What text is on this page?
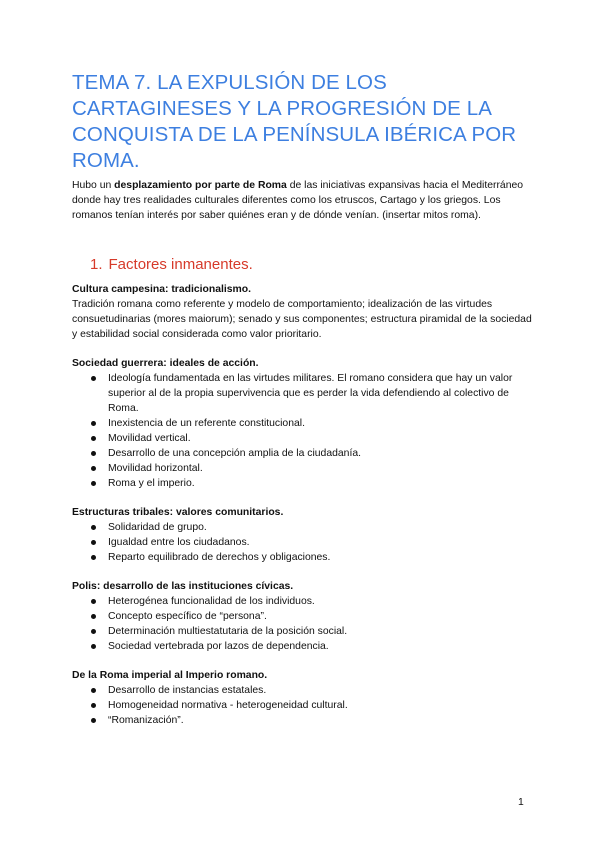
TEMA 7. LA EXPULSIÓN DE LOS CARTAGINESES Y LA PROGRESIÓN DE LA CONQUISTA DE LA PENÍNSULA IBÉRICA POR ROMA.

Hubo un desplazamiento por parte de Roma de las iniciativas expansivas hacia el Mediterráneo donde hay tres realidades culturales diferentes como los etruscos, Cartago y los griegos. Los romanos tenían interés por saber quiénes eran y de dónde venían. (insertar mitos roma).

1. Factores inmanentes.

Cultura campesina: tradicionalismo.

Tradición romana como referente y modelo de comportamiento; idealización de las virtudes consuetudinarias (mores maiorum); senado y sus componentes; estructura piramidal de la sociedad y estabilidad social considerada como valor prioritario.

Sociedad guerrera: ideales de acción.

Ideología fundamentada en las virtudes militares. El romano considera que hay un valor superior al de la propia supervivencia que es perder la vida defendiendo al colectivo de Roma.
Inexistencia de un referente constitucional.
Movilidad vertical.
Desarrollo de una concepción amplia de la ciudadanía.
Movilidad horizontal.
Roma y el imperio.

Estructuras tribales: valores comunitarios.

Solidaridad de grupo.
Igualdad entre los ciudadanos.
Reparto equilibrado de derechos y obligaciones.

Polis: desarrollo de las instituciones cívicas.

Heterogénea funcionalidad de los individuos.
Concepto específico de “persona”.
Determinación multiestatutaria de la posición social.
Sociedad vertebrada por lazos de dependencia.

De la Roma imperial al Imperio romano.

Desarrollo de instancias estatales.
Homogeneidad normativa - heterogeneidad cultural.
“Romanización”.
1
